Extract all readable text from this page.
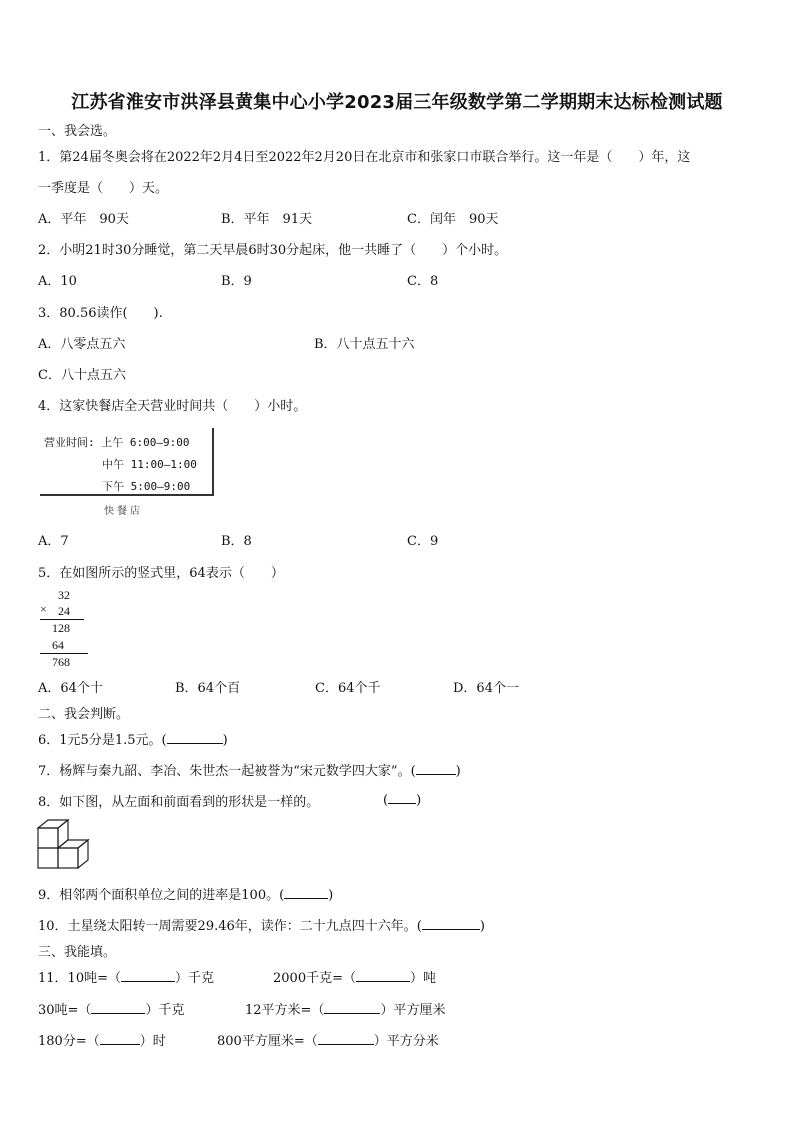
江苏省淮安市洪泽县黄集中心小学2023届三年级数学第二学期期末达标检测试题
一、我会选。
1．第24届冬奥会将在2022年2月4日至2022年2月20日在北京市和张家口市联合举行。这一年是（　　）年，这
一季度是（　　）天。
A．平年　90天	B．平年　91天	C．闰年　90天
2．小明21时30分睡觉，第二天早晨6时30分起床，他一共睡了（　　）个小时。
A．10	B．9	C．8
3．80.56读作(　　).
A．八零点五六	B．八十点五十六
C．八十点五六
4．这家快餐店全天营业时间共（　　）小时。
营业时间: 上午 6:00—9:00
中午 11:00—1:00
下午 5:00—9:00
快餐店
A．7	B．8	C．9
5．在如图所示的竖式里，64表示（　　）
32
× 24
128
64
768
A．64个十	B．64个百	C．64个千	D．64个一
二、我会判断。
6．1元5分是1.5元。(	)
7．杨辉与秦九韶、李冶、朱世杰一起被誉为“宋元数学四大家”。(	)
8．如下图，从左面和前面看到的形状是一样的。	( )
9．相邻两个面积单位之间的进率是100。(	)
10．土星绕太阳转一周需要29.46年，读作：二十九点四十六年。(	)
三、我能填。
11．10吨=（	）千克	2000千克=（	）吨
30吨=（	）千克	12平方米=（	）平方厘米
180分=（	）时	800平方厘米=（	）平方分米
